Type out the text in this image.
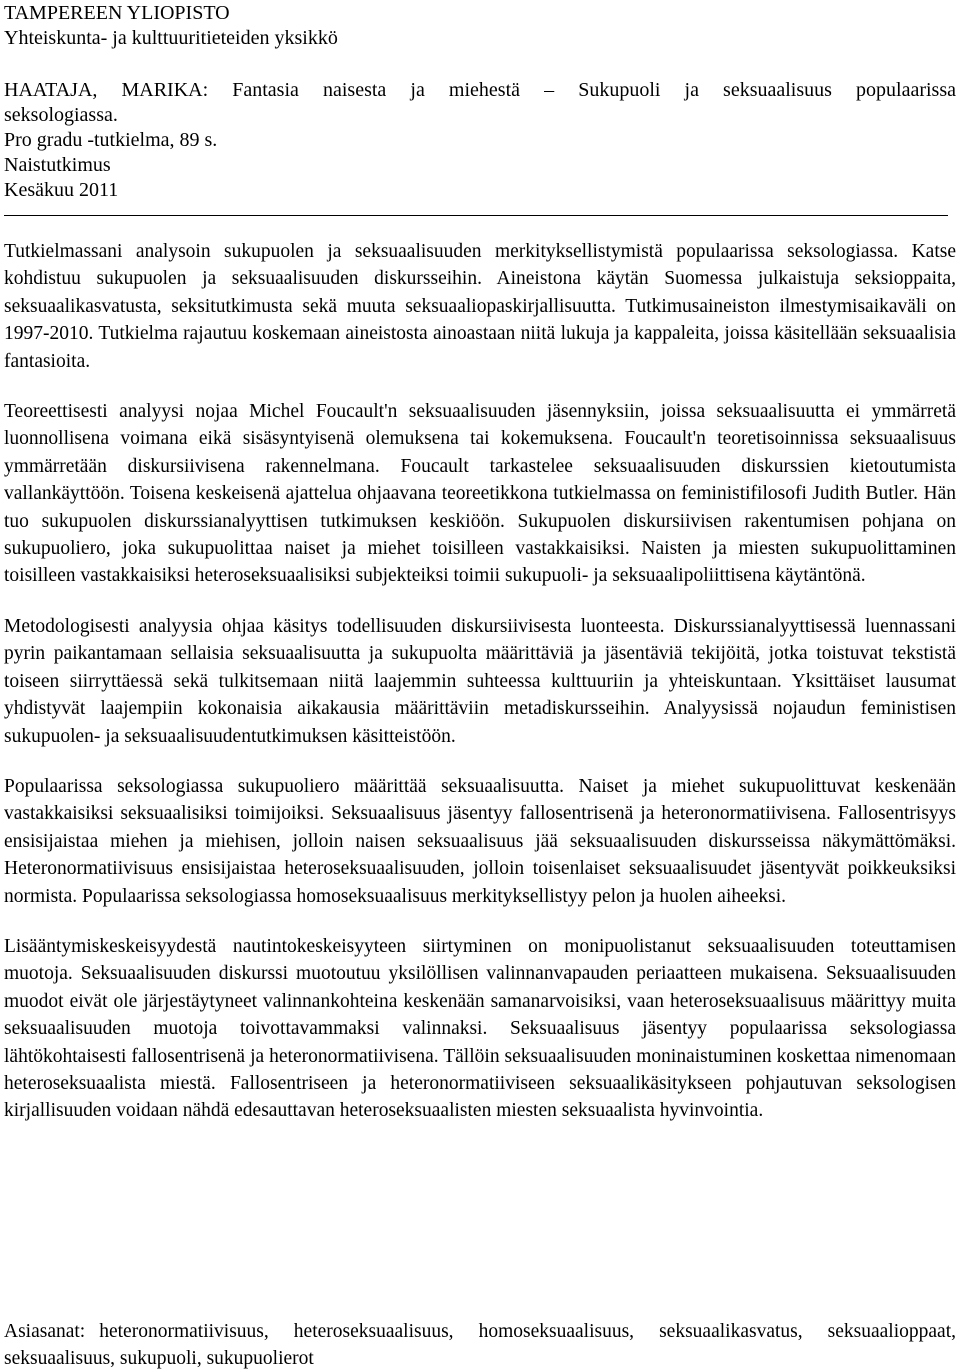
TAMPEREEN YLIOPISTO
Yhteiskunta- ja kulttuuritieteiden yksikkö
HAATAJA, MARIKA: Fantasia naisesta ja miehestä – Sukupuoli ja seksuaalisuus populaarissa
seksologiassa.
Pro gradu -tutkielma, 89 s.
Naistutkimus
Kesäkuu 2011

Tutkielmassani analysoin sukupuolen ja seksuaalisuuden merkityksellistymistä populaarissa seksologiassa. Katse kohdistuu sukupuolen ja seksuaalisuuden diskursseihin. Aineistona käytän Suomessa julkaistuja seksioppaita, seksuaalikasvatusta, seksitutkimusta sekä muuta seksuaaliopaskirjallisuutta. Tutkimusaineiston ilmestymisaikaväli on 1997-2010. Tutkielma rajautuu koskemaan aineistosta ainoastaan niitä lukuja ja kappaleita, joissa käsitellään seksuaalisia fantasioita.

Teoreettisesti analyysi nojaa Michel Foucault'n seksuaalisuuden jäsennyksiin, joissa seksuaalisuutta ei ymmärretä luonnollisena voimana eikä sisäsyntyisenä olemuksena tai kokemuksena. Foucault'n teoretisoinnissa seksuaalisuus ymmärretään diskursiivisena rakennelmana. Foucault tarkastelee seksuaalisuuden diskurssien kietoutumista vallankäyttöön. Toisena keskeisenä ajattelua ohjaavana teoreetikkona tutkielmassa on feministifilosofi Judith Butler. Hän tuo sukupuolen diskurssianalyyttisen tutkimuksen keskiöön. Sukupuolen diskursiivisen rakentumisen pohjana on sukupuoliero, joka sukupuolittaa naiset ja miehet toisilleen vastakkaisiksi. Naisten ja miesten sukupuolittaminen toisilleen vastakkaisiksi heteroseksuaalisiksi subjekteiksi toimii sukupuoli- ja seksuaalipoliittisena käytäntönä.

Metodologisesti analyysia ohjaa käsitys todellisuuden diskursiivisesta luonteesta. Diskurssianalyyttisessä luennassani pyrin paikantamaan sellaisia seksuaalisuutta ja sukupuolta määrittäviä ja jäsentäviä tekijöitä, jotka toistuvat tekstistä toiseen siirryttäessä sekä tulkitsemaan niitä laajemmin suhteessa kulttuuriin ja yhteiskuntaan. Yksittäiset lausumat yhdistyvät laajempiin kokonaisia aikakausia määrittäviin metadiskursseihin. Analyysissä nojaudun feministisen sukupuolen- ja seksuaalisuudentutkimuksen käsitteistöön.

Populaarissa seksologiassa sukupuoliero määrittää seksuaalisuutta. Naiset ja miehet sukupuolittuvat keskenään vastakkaisiksi seksuaalisiksi toimijoiksi. Seksuaalisuus jäsentyy fallosentrisenä ja heteronormatiivisena. Fallosentrisyys ensisijaistaa miehen ja miehisen, jolloin naisen seksuaalisuus jää seksuaalisuuden diskursseissa näkymättömäksi. Heteronormatiivisuus ensisijaistaa heteroseksuaalisuuden, jolloin toisenlaiset seksuaalisuudet jäsentyvät poikkeuksiksi normista. Populaarissa seksologiassa homoseksuaalisuus merkityksellistyy pelon ja huolen aiheeksi.

Lisääntymiskeskeisyydestä nautintokeskeisyyteen siirtyminen on monipuolistanut seksuaalisuuden toteuttamisen muotoja. Seksuaalisuuden diskurssi muotoutuu yksilöllisen valinnanvapauden periaatteen mukaisena. Seksuaalisuuden muodot eivät ole järjestäytyneet valinnankohteina keskenään samanarvoisiksi, vaan heteroseksuaalisuus määrittyy muita seksuaalisuuden muotoja toivottavammaksi valinnaksi. Seksuaalisuus jäsentyy populaarissa seksologiassa lähtökohtaisesti fallosentrisenä ja heteronormatiivisena. Tällöin seksuaalisuuden moninaistuminen koskettaa nimenomaan heteroseksuaalista miestä. Fallosentriseen ja heteronormatiiviseen seksuaalikäsitykseen pohjautuvan seksologisen kirjallisuuden voidaan nähdä edesauttavan heteroseksuaalisten miesten seksuaalista hyvinvointia.

Asiasanat: heteronormatiivisuus, heteroseksuaalisuus, homoseksuaalisuus, seksuaalikasvatus, seksuaalioppaat, seksuaalisuus, sukupuoli, sukupuolierot
